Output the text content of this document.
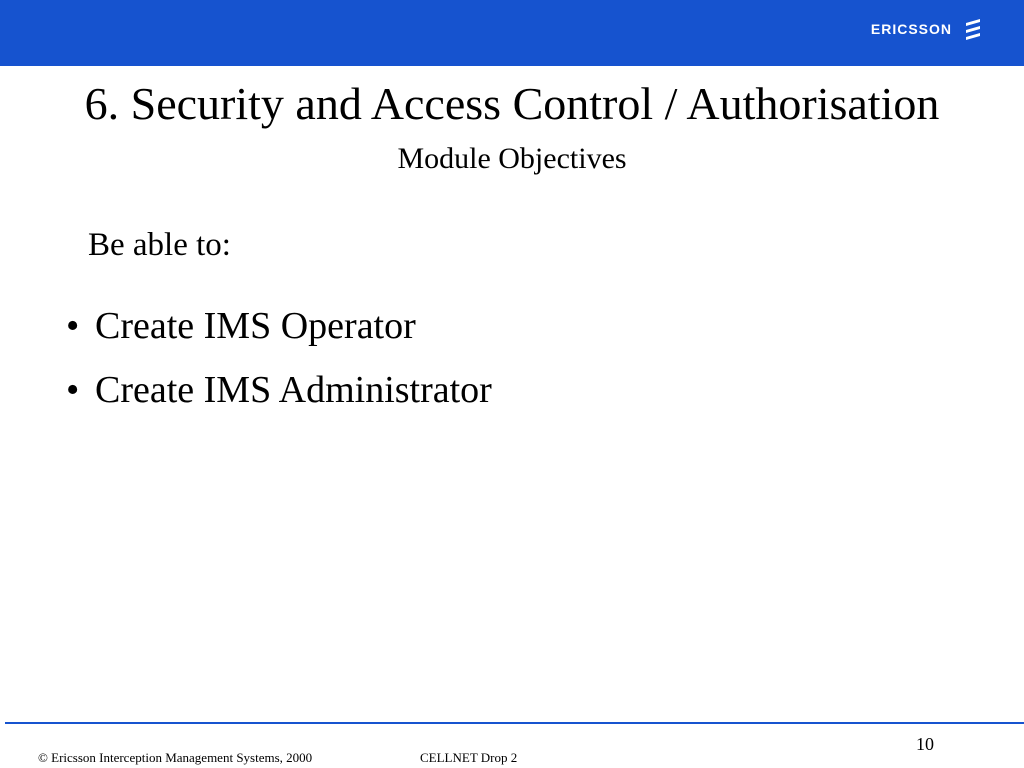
ERICSSON
6. Security and Access Control / Authorisation
Module Objectives

Be able to:

• Create IMS Operator
• Create IMS Administrator
10
© Ericsson Interception Management Systems, 2000	CELLNET Drop 2
